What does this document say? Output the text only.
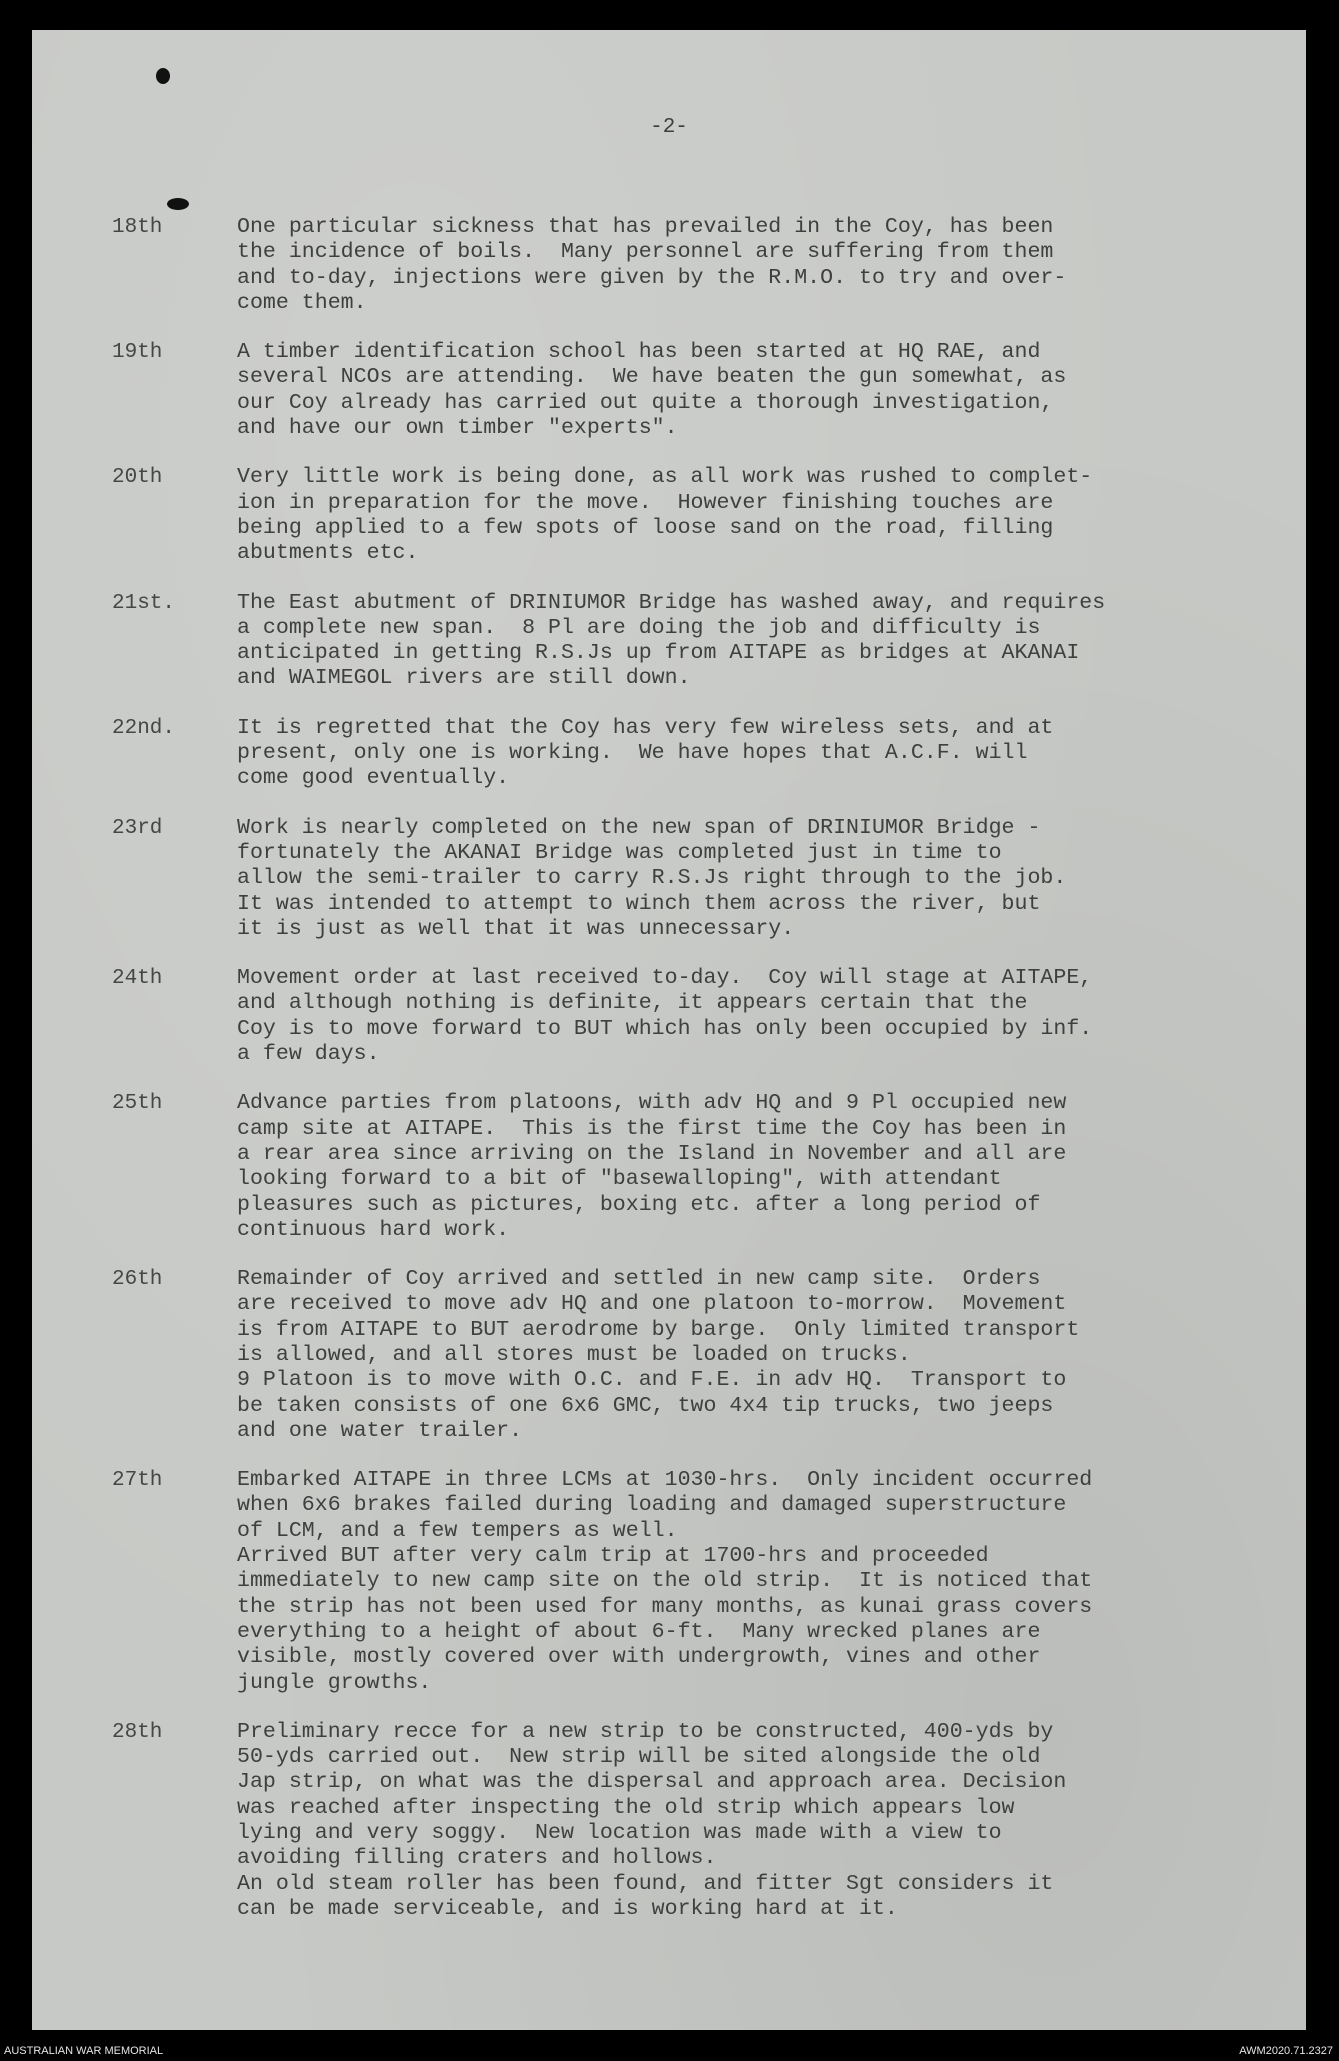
-2-
18th	One particular sickness that has prevailed in the Coy, has been
the incidence of boils.  Many personnel are suffering from them
and to-day, injections were given by the R.M.O. to try and over-
come them.
19th	A timber identification school has been started at HQ RAE, and
several NCOs are attending.  We have beaten the gun somewhat, as
our Coy already has carried out quite a thorough investigation,
and have our own timber "experts".
20th	Very little work is being done, as all work was rushed to complet-
ion in preparation for the move.  However finishing touches are
being applied to a few spots of loose sand on the road, filling
abutments etc.
21st.	The East abutment of DRINIUMOR Bridge has washed away, and requires
a complete new span.  8 Pl are doing the job and difficulty is
anticipated in getting R.S.Js up from AITAPE as bridges at AKANAI
and WAIMEGOL rivers are still down.
22nd.	It is regretted that the Coy has very few wireless sets, and at
present, only one is working.  We have hopes that A.C.F. will
come good eventually.
23rd	Work is nearly completed on the new span of DRINIUMOR Bridge -
fortunately the AKANAI Bridge was completed just in time to
allow the semi-trailer to carry R.S.Js right through to the job.
It was intended to attempt to winch them across the river, but
it is just as well that it was unnecessary.
24th	Movement order at last received to-day.  Coy will stage at AITAPE,
and although nothing is definite, it appears certain that the
Coy is to move forward to BUT which has only been occupied by inf.
a few days.
25th	Advance parties from platoons, with adv HQ and 9 Pl occupied new
camp site at AITAPE.  This is the first time the Coy has been in
a rear area since arriving on the Island in November and all are
looking forward to a bit of "basewalloping", with attendant
pleasures such as pictures, boxing etc. after a long period of
continuous hard work.
26th	Remainder of Coy arrived and settled in new camp site.  Orders
are received to move adv HQ and one platoon to-morrow.  Movement
is from AITAPE to BUT aerodrome by barge.  Only limited transport
is allowed, and all stores must be loaded on trucks.
9 Platoon is to move with O.C. and F.E. in adv HQ.  Transport to
be taken consists of one 6x6 GMC, two 4x4 tip trucks, two jeeps
and one water trailer.
27th	Embarked AITAPE in three LCMs at 1030-hrs.  Only incident occurred
when 6x6 brakes failed during loading and damaged superstructure
of LCM, and a few tempers as well.
Arrived BUT after very calm trip at 1700-hrs and proceeded
immediately to new camp site on the old strip.  It is noticed that
the strip has not been used for many months, as kunai grass covers
everything to a height of about 6-ft.  Many wrecked planes are
visible, mostly covered over with undergrowth, vines and other
jungle growths.
28th	Preliminary recce for a new strip to be constructed, 400-yds by
50-yds carried out.  New strip will be sited alongside the old
Jap strip, on what was the dispersal and approach area. Decision
was reached after inspecting the old strip which appears low
lying and very soggy.  New location was made with a view to
avoiding filling craters and hollows.
An old steam roller has been found, and fitter Sgt considers it
can be made serviceable, and is working hard at it.
AUSTRALIAN WAR MEMORIAL	AWM2020.71.2327
